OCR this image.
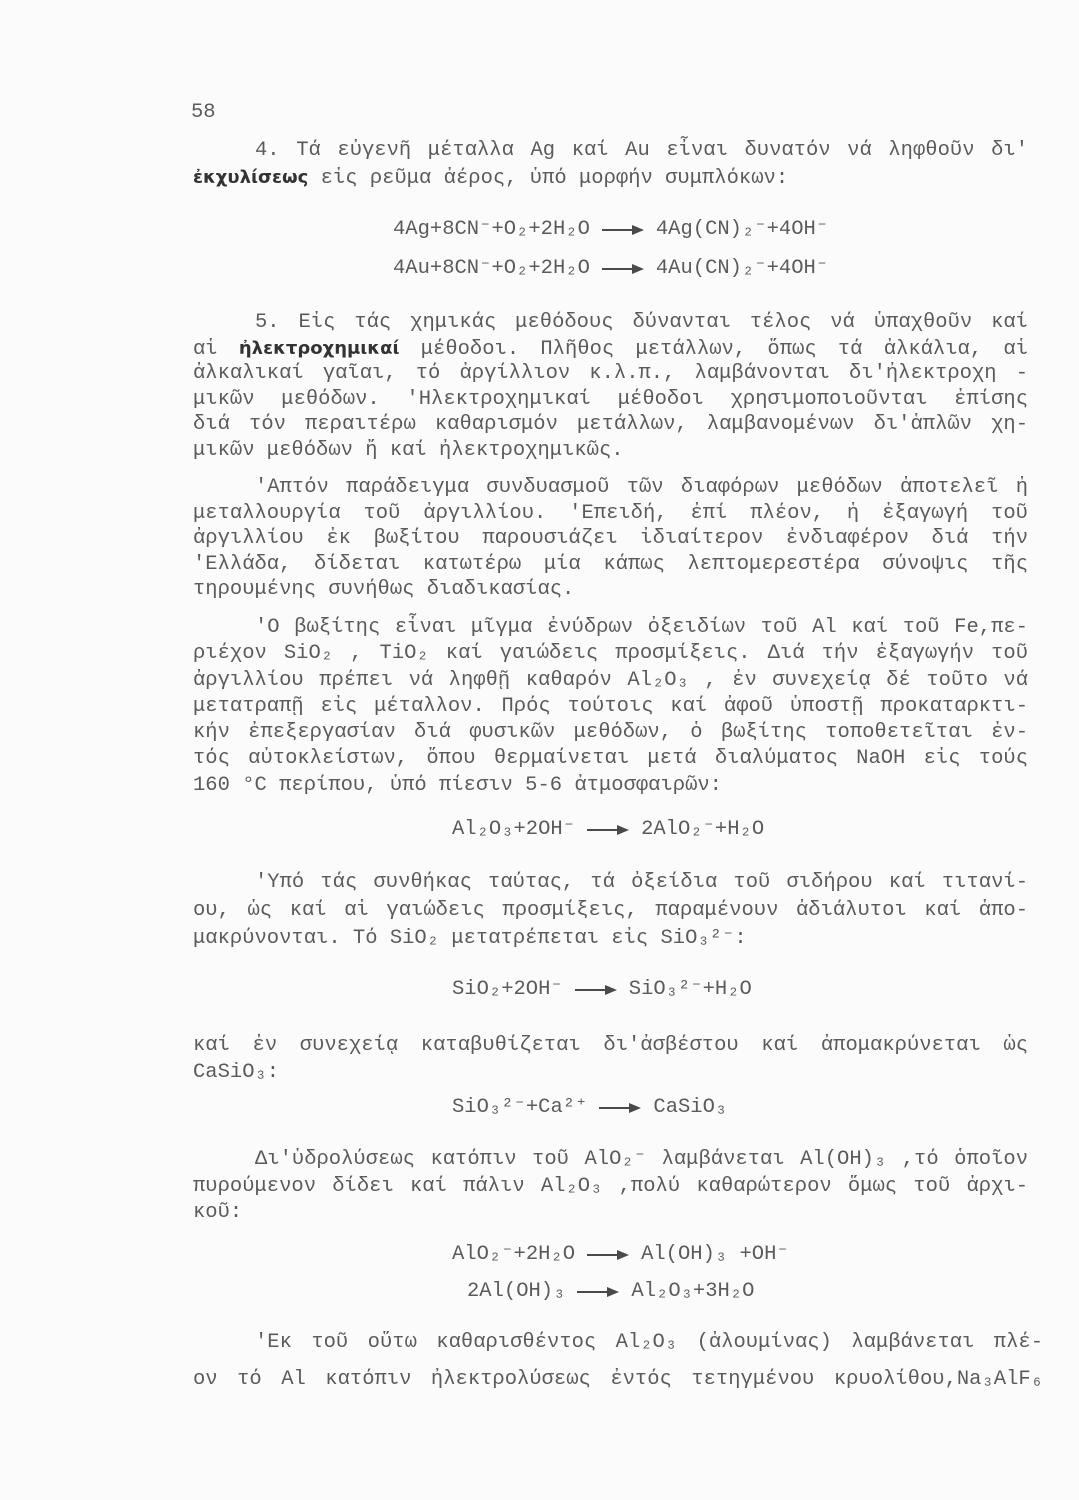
58
4. Τά εὐγενῆ μέταλλα Ag καί Au εἶναι δυνατόν νά ληφθοῦν δι'
ἐκχυλίσεως εἰς ρεῦμα ἀέρος, ὑπό μορφήν συμπλόκων:
4Ag+8CN⁻+O₂+2H₂O	4Ag(CN)₂⁻+4OH⁻
4Au+8CN⁻+O₂+2H₂O	4Au(CN)₂⁻+4OH⁻
5. Εἰς τάς χημικάς μεθόδους δύνανται τέλος νά ὑπαχθοῦν καί
αἱ ἠλεκτροχημικαί μέθοδοι. Πλῆθος μετάλλων, ὅπως τά ἀλκάλια, αἱ
ἀλκαλικαί γαῖαι, τό ἀργίλλιον κ.λ.π., λαμβάνονται δι'ἠλεκτροχη -
μικῶν μεθόδων. 'Ηλεκτροχημικαί μέθοδοι χρησιμοποιοῦνται ἐπίσης
διά τόν περαιτέρω καθαρισμόν μετάλλων, λαμβανομένων δι'ἁπλῶν χη-
μικῶν μεθόδων ἤ καί ἠλεκτροχημικῶς.
'Απτόν παράδειγμα συνδυασμοῦ τῶν διαφόρων μεθόδων ἀποτελεῖ ἡ
μεταλλουργία τοῦ ἀργιλλίου. 'Επειδή, ἐπί πλέον, ἡ ἐξαγωγή τοῦ
ἀργιλλίου ἐκ βωξίτου παρουσιάζει ἰδιαίτερον ἐνδιαφέρον διά τήν
'Ελλάδα, δίδεται κατωτέρω μία κάπως λεπτομερεστέρα σύνοψις τῆς
τηρουμένης συνήθως διαδικασίας.
'Ο βωξίτης εἶναι μῖγμα ἐνύδρων ὀξειδίων τοῦ Al καί τοῦ Fe,πε-
ριέχον SiO₂ , TiO₂ καί γαιώδεις προσμίξεις. Διά τήν ἐξαγωγήν τοῦ
ἀργιλλίου πρέπει νά ληφθῇ καθαρόν Al₂O₃ , ἐν συνεχείᾳ δέ τοῦτο νά
μετατραπῇ εἰς μέταλλον. Πρός τούτοις καί ἀφοῦ ὑποστῇ προκαταρκτι-
κήν ἐπεξεργασίαν διά φυσικῶν μεθόδων, ὁ βωξίτης τοποθετεῖται ἐν-
τός αὐτοκλείστων, ὅπου θερμαίνεται μετά διαλύματος NaOH εἰς τούς
160 °C περίπου, ὑπό πίεσιν 5-6 ἀτμοσφαιρῶν:
Al₂O₃+2OH⁻	2AlO₂⁻+H₂O
'Υπό τάς συνθήκας ταύτας, τά ὀξείδια τοῦ σιδήρου καί τιτανί-
ου, ὡς καί αἱ γαιώδεις προσμίξεις, παραμένουν ἀδιάλυτοι καί ἀπο-
μακρύνονται. Τό SiO₂ μετατρέπεται εἰς SiO₃²⁻:
SiO₂+2OH⁻	SiO₃²⁻+H₂O
καί ἐν συνεχείᾳ καταβυθίζεται δι'ἀσβέστου καί ἀπομακρύνεται ὡς
CaSiO₃:
SiO₃²⁻+Ca²⁺	CaSiO₃
Δι'ὑδρολύσεως κατόπιν τοῦ AlO₂⁻ λαμβάνεται Al(OH)₃ ,τό ὁποῖον
πυρούμενον δίδει καί πάλιν Al₂O₃ ,πολύ καθαρώτερον ὅμως τοῦ ἀρχι-
κοῦ:
AlO₂⁻+2H₂O	Al(OH)₃ +OH⁻
2Al(OH)₃	Al₂O₃+3H₂O
'Εκ τοῦ οὕτω καθαρισθέντος Al₂O₃ (ἀλουμίνας) λαμβάνεται πλέ-
ον τό Al κατόπιν ἠλεκτρολύσεως ἐντός τετηγμένου κρυολίθου,Na₃AlF₆
